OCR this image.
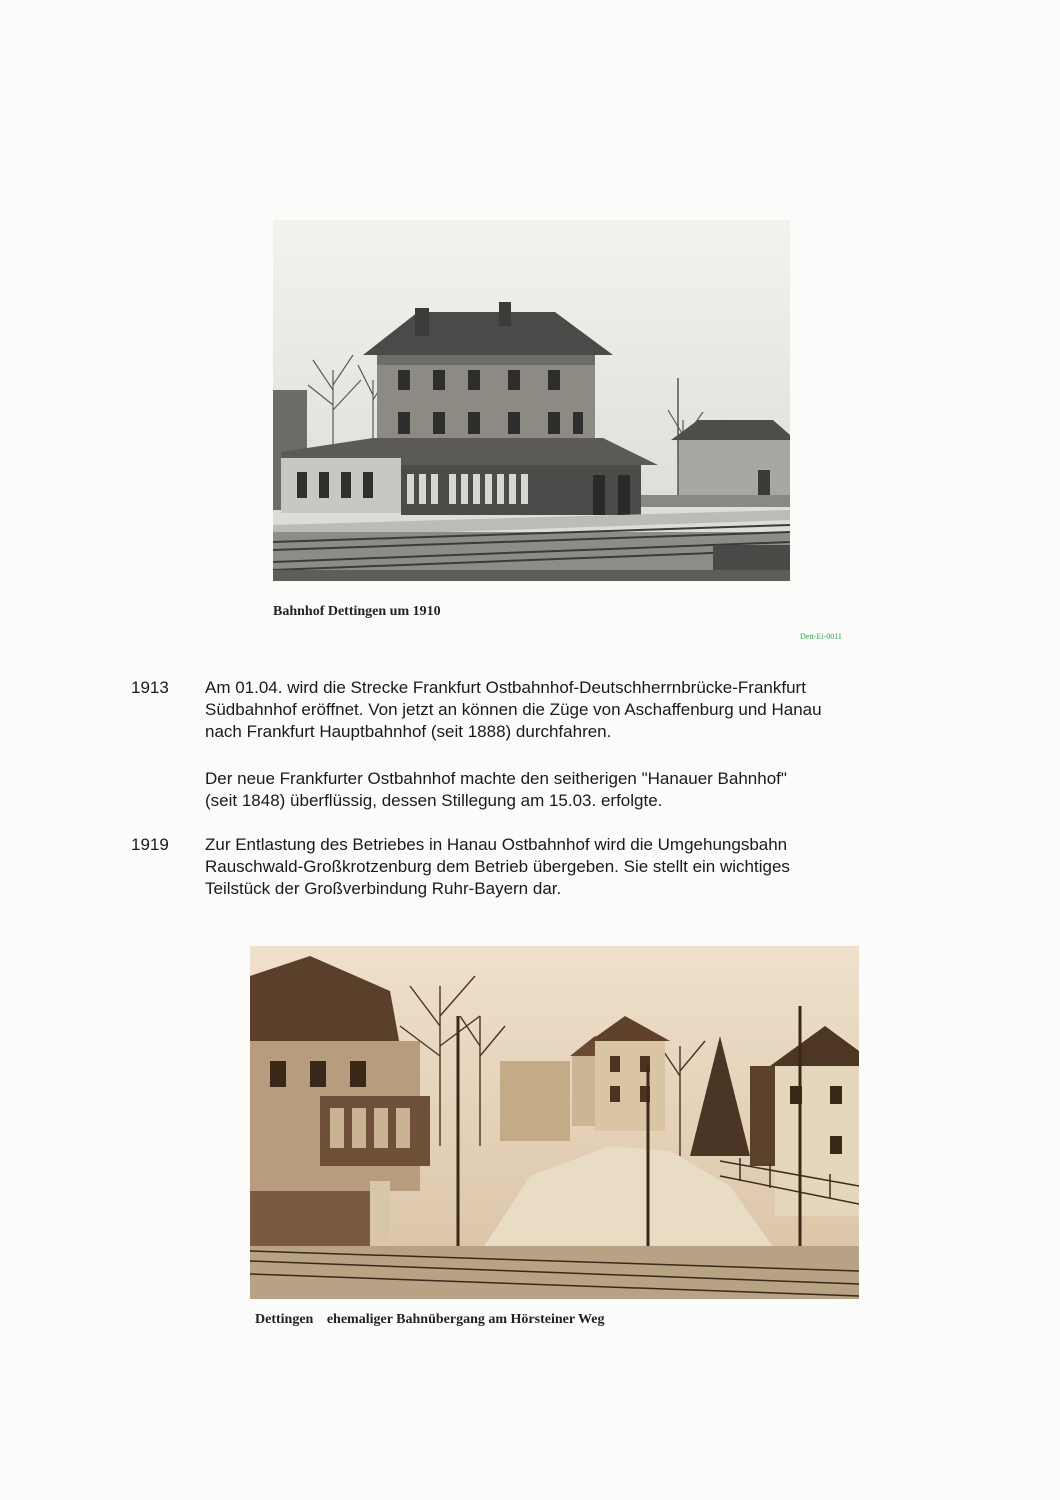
Bahnhof Dettingen um 1910
Dett-Ei-0011
1913 Am 01.04. wird die Strecke Frankfurt Ostbahnhof-Deutschherrnbrücke-Frankfurt
Südbahnhof eröffnet. Von jetzt an können die Züge von Aschaffenburg und Hanau
nach Frankfurt Hauptbahnhof (seit 1888) durchfahren.
Der neue Frankfurter Ostbahnhof machte den seitherigen "Hanauer Bahnhof"
(seit 1848) überflüssig, dessen Stillegung am 15.03. erfolgte.
1919 Zur Entlastung des Betriebes in Hanau Ostbahnhof wird die Umgehungsbahn
Rauschwald-Großkrotzenburg dem Betrieb übergeben. Sie stellt ein wichtiges
Teilstück der Großverbindung Ruhr-Bayern dar.
Dettingen ehemaliger Bahnübergang am Hörsteiner Weg
